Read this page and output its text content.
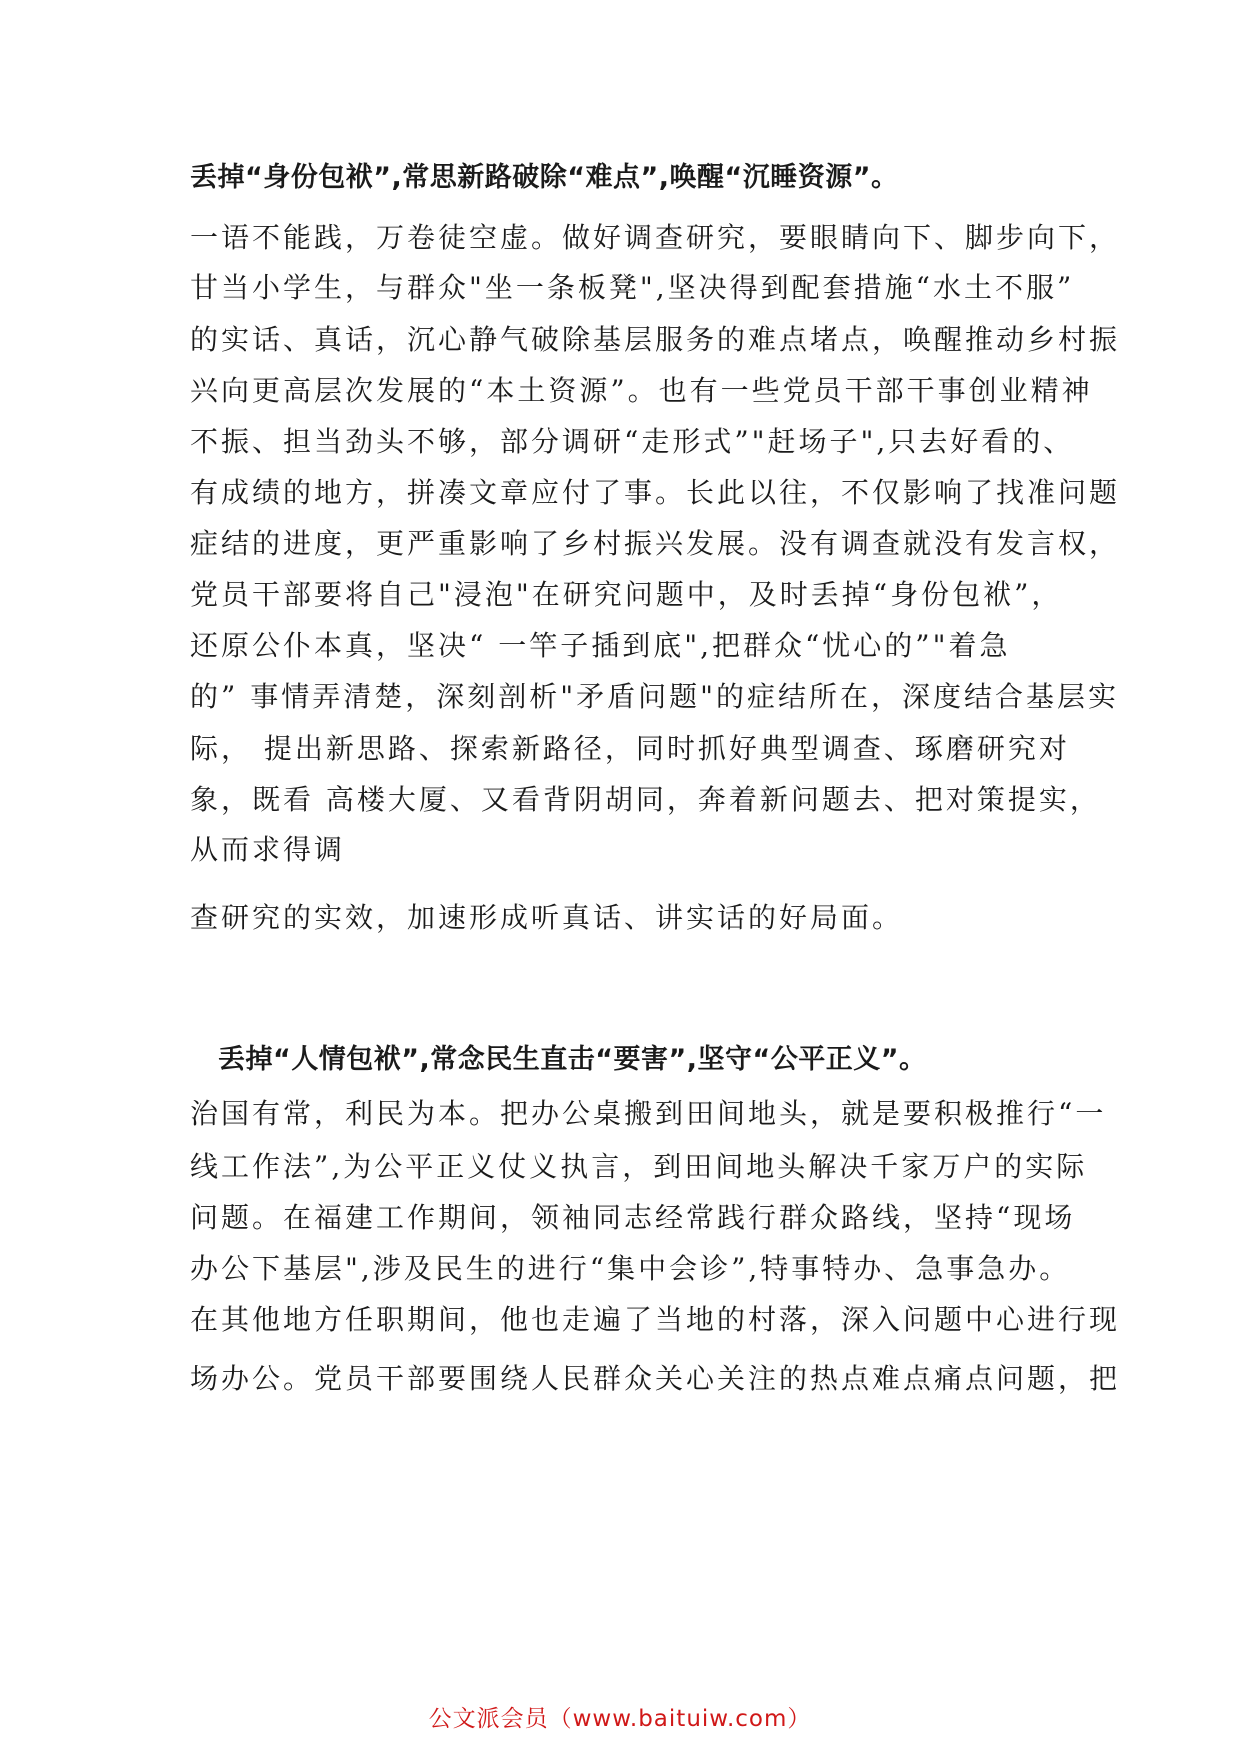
丢掉“身份包袱”,常思新路破除“难点”,唤醒“沉睡资源”。
一语不能践，万卷徒空虚。做好调查研究，要眼睛向下、脚步向下，
甘当小学生，与群众"坐一条板凳",坚决得到配套措施“水土不服”
的实话、真话，沉心静气破除基层服务的难点堵点，唤醒推动乡村振
兴向更高层次发展的“本土资源”。也有一些党员干部干事创业精神
不振、担当劲头不够，部分调研“走形式”"赶场子",只去好看的、
有成绩的地方，拼凑文章应付了事。长此以往，不仅影响了找准问题
症结的进度，更严重影响了乡村振兴发展。没有调查就没有发言权，
党员干部要将自己"浸泡"在研究问题中，及时丢掉“身份包袱”，
还原公仆本真，坚决“ 一竿子插到底",把群众“忧心的”"着急
的” 事情弄清楚，深刻剖析"矛盾问题"的症结所在，深度结合基层实
际， 提出新思路、探索新路径，同时抓好典型调查、琢磨研究对
象，既看 高楼大厦、又看背阴胡同，奔着新问题去、把对策提实，
从而求得调
查研究的实效，加速形成听真话、讲实话的好局面。
丢掉“人情包袱”,常念民生直击“要害”,坚守“公平正义”。
治国有常，利民为本。把办公桌搬到田间地头，就是要积极推行“一
线工作法”,为公平正义仗义执言，到田间地头解决千家万户的实际
问题。在福建工作期间，领袖同志经常践行群众路线，坚持“现场
办公下基层",涉及民生的进行“集中会诊”,特事特办、急事急办。
在其他地方任职期间，他也走遍了当地的村落，深入问题中心进行现
场办公。党员干部要围绕人民群众关心关注的热点难点痛点问题，把
公文派会员（www.baituiw.com）
